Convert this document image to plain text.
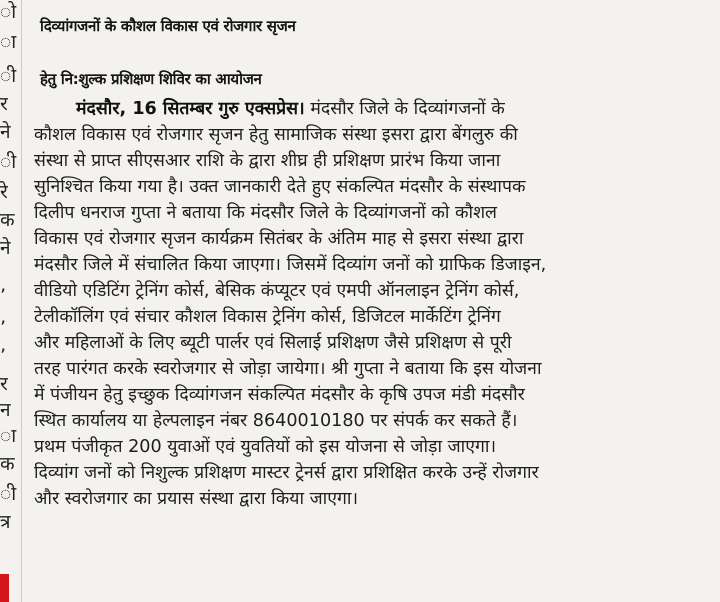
ो
ा
ी
र
ने
ी
रे
क
ने
’
’
’
र
न
ा
क
ी
त्र
दिव्यांगजनों के कौशल विकास एवं रोजगार सृजन
हेतु नि:शुल्क प्रशिक्षण शिविर का आयोजन
मंदसौर, 16 सितम्बर गुरु एक्सप्रेस। मंदसौर जिले के दिव्यांगजनों के
कौशल विकास एवं रोजगार सृजन हेतु सामाजिक संस्था इसरा द्वारा बेंगलुरु की
संस्था से प्राप्त सीएसआर राशि के द्वारा शीघ्र ही प्रशिक्षण प्रारंभ किया जाना
सुनिश्चित किया गया है। उक्त जानकारी देते हुए संकल्पित मंदसौर के संस्थापक
दिलीप धनराज गुप्ता ने बताया कि मंदसौर जिले के दिव्यांगजनों को कौशल
विकास एवं रोजगार सृजन कार्यक्रम सितंबर के अंतिम माह से इसरा संस्था द्वारा
मंदसौर जिले में संचालित किया जाएगा। जिसमें दिव्यांग जनों को ग्राफिक डिजाइन,
वीडियो एडिटिंग ट्रेनिंग कोर्स, बेसिक कंप्यूटर एवं एमपी ऑनलाइन ट्रेनिंग कोर्स,
टेलीकॉलिंग एवं संचार कौशल विकास ट्रेनिंग कोर्स, डिजिटल मार्केटिंग ट्रेनिंग
और महिलाओं के लिए ब्यूटी पार्लर एवं सिलाई प्रशिक्षण जैसे प्रशिक्षण से पूरी
तरह पारंगत करके स्वरोजगार से जोड़ा जायेगा। श्री गुप्ता ने बताया कि इस योजना
में पंजीयन हेतु इच्छुक दिव्यांगजन संकल्पित मंदसौर के कृषि उपज मंडी मंदसौर
स्थित कार्यालय या हेल्पलाइन नंबर 8640010180 पर संपर्क कर सकते हैं।
प्रथम पंजीकृत 200 युवाओं एवं युवतियों को इस योजना से जोड़ा जाएगा।
दिव्यांग जनों को निशुल्क प्रशिक्षण मास्टर ट्रेनर्स द्वारा प्रशिक्षित करके उन्हें रोजगार
और स्वरोजगार का प्रयास संस्था द्वारा किया जाएगा।
